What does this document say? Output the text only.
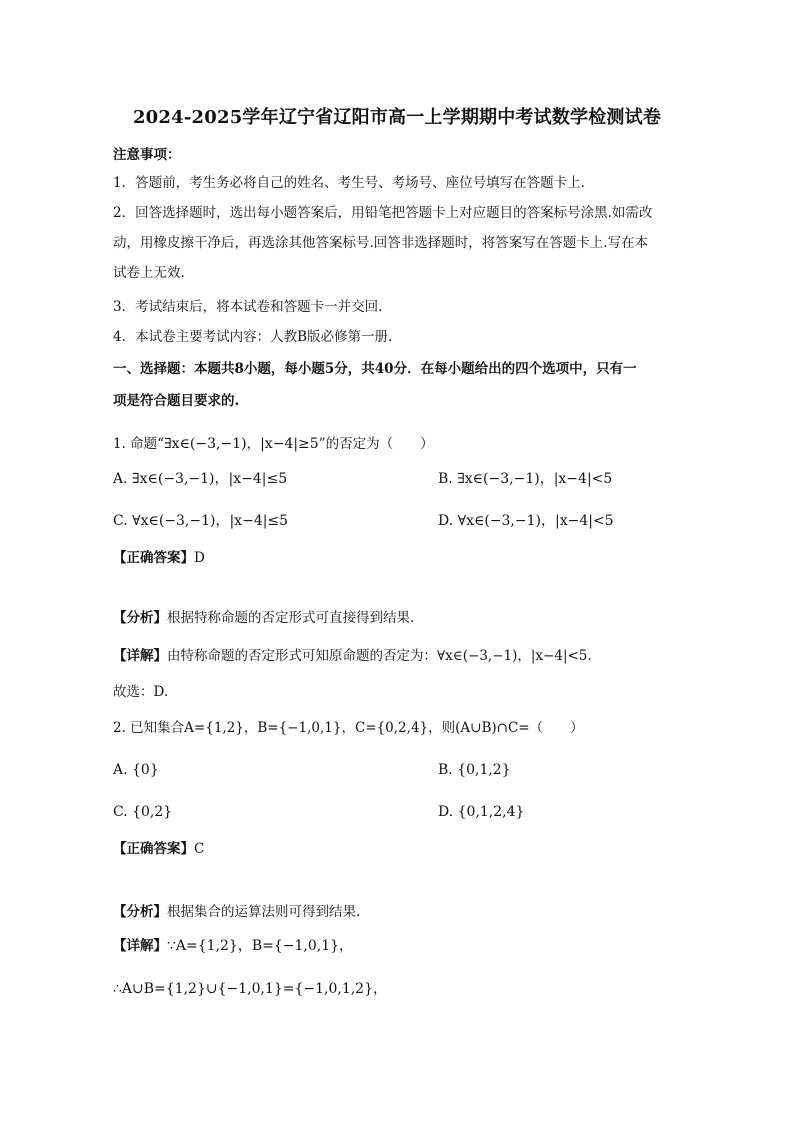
2024-2025学年辽宁省辽阳市高一上学期期中考试数学检测试卷
注意事项：
1．答题前，考生务必将自己的姓名、考生号、考场号、座位号填写在答题卡上.
2．回答选择题时，选出每小题答案后，用铅笔把答题卡上对应题目的答案标号涂黑.如需改
动，用橡皮擦干净后，再选涂其他答案标号.回答非选择题时，将答案写在答题卡上.写在本
试卷上无效.
3．考试结束后，将本试卷和答题卡一并交回.
4．本试卷主要考试内容：人教B版必修第一册.
一、选择题：本题共8小题，每小题5分，共40分．在每小题给出的四个选项中，只有一
项是符合题目要求的.
1. 命题“∃x∈(−3,−1)，|x−4|≥5”的否定为（　　）
A. ∃x∈(−3,−1)，|x−4|≤5	B. ∃x∈(−3,−1)，|x−4|<5
C. ∀x∈(−3,−1)，|x−4|≤5	D. ∀x∈(−3,−1)，|x−4|<5
【正确答案】D
【分析】根据特称命题的否定形式可直接得到结果.
【详解】由特称命题的否定形式可知原命题的否定为：∀x∈(−3,−1)，|x−4|<5.
故选：D.
2. 已知集合A={1,2}，B={−1,0,1}，C={0,2,4}，则(A∪B)∩C=（　　）
A. {0}	B. {0,1,2}
C. {0,2}	D. {0,1,2,4}
【正确答案】C
【分析】根据集合的运算法则可得到结果.
【详解】∵A={1,2}，B={−1,0,1}，
∴A∪B={1,2}∪{−1,0,1}={−1,0,1,2}，
